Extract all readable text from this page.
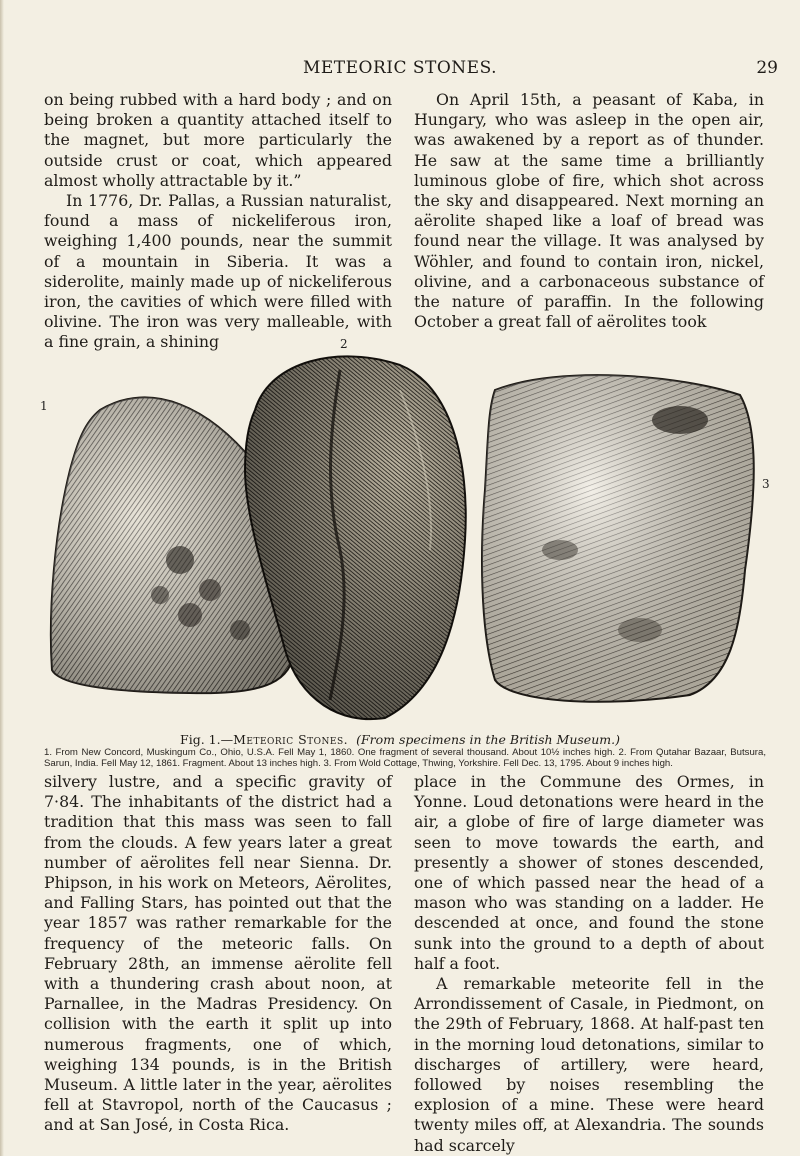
METEORIC STONES.	29

on being rubbed with a hard body ; and on being broken a quantity attached itself to the magnet, but more particularly the outside crust or coat, which appeared almost wholly attractable by it.”

In 1776, Dr. Pallas, a Russian naturalist, found a mass of nickeliferous iron, weighing 1,400 pounds, near the summit of a mountain in Siberia. It was a siderolite, mainly made up of nickeliferous iron, the cavities of which were filled with olivine. The iron was very malleable, with a fine grain, a shining

On April 15th, a peasant of Kaba, in Hungary, who was asleep in the open air, was awakened by a report as of thunder. He saw at the same time a brilliantly luminous globe of fire, which shot across the sky and disappeared. Next morning an aërolite shaped like a loaf of bread was found near the village. It was analysed by Wöhler, and found to contain iron, nickel, olivine, and a carbonaceous substance of the nature of paraffin. In the following October a great fall of aërolites took

2
1
3
Fig. 1.—Meteoric Stones. (From specimens in the British Museum.)
1. From New Concord, Muskingum Co., Ohio, U.S.A. Fell May 1, 1860. One fragment of several thousand. About 10½ inches high. 2. From Qutahar Bazaar, Butsura, Sarun, India. Fell May 12, 1861. Fragment. About 13 inches high. 3. From Wold Cottage, Thwing, Yorkshire. Fell Dec. 13, 1795. About 9 inches high.

silvery lustre, and a specific gravity of 7·84. The inhabitants of the district had a tradition that this mass was seen to fall from the clouds. A few years later a great number of aërolites fell near Sienna. Dr. Phipson, in his work on Meteors, Aërolites, and Falling Stars, has pointed out that the year 1857 was rather remarkable for the frequency of the meteoric falls. On February 28th, an immense aërolite fell with a thundering crash about noon, at Parnallee, in the Madras Presidency. On collision with the earth it split up into numerous fragments, one of which, weighing 134 pounds, is in the British Museum. A little later in the year, aërolites fell at Stavropol, north of the Caucasus ; and at San José, in Costa Rica.

place in the Commune des Ormes, in Yonne. Loud detonations were heard in the air, a globe of fire of large diameter was seen to move towards the earth, and presently a shower of stones descended, one of which passed near the head of a mason who was standing on a ladder. He descended at once, and found the stone sunk into the ground to a depth of about half a foot.

A remarkable meteorite fell in the Arrondissement of Casale, in Piedmont, on the 29th of February, 1868. At half-past ten in the morning loud detonations, similar to discharges of artillery, were heard, followed by noises resembling the explosion of a mine. These were heard twenty miles off, at Alexandria. The sounds had scarcely
